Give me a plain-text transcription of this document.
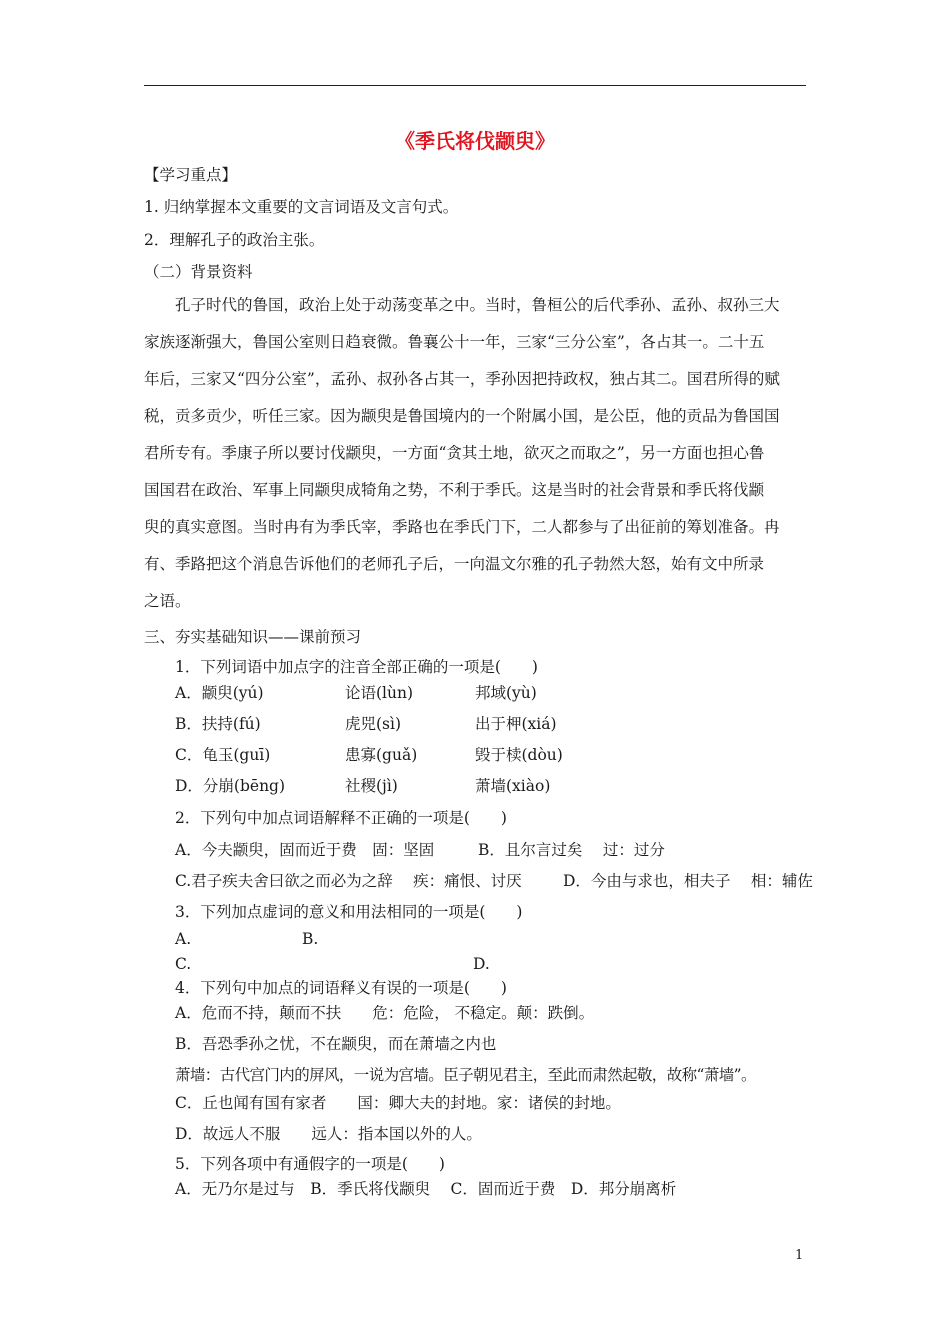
《季氏将伐颛臾》
【学习重点】
1. 归纳掌握本文重要的文言词语及文言句式。
2．理解孔子的政治主张。
（二）背景资料
孔子时代的鲁国，政治上处于动荡变革之中。当时，鲁桓公的后代季孙、孟孙、叔孙三大
家族逐渐强大，鲁国公室则日趋衰微。鲁襄公十一年，三家“三分公室”，各占其一。二十五
年后，三家又“四分公室”，孟孙、叔孙各占其一，季孙因把持政权，独占其二。国君所得的赋
税，贡多贡少，听任三家。因为颛臾是鲁国境内的一个附属小国，是公臣，他的贡品为鲁国国
君所专有。季康子所以要讨伐颛臾，一方面“贪其土地，欲灭之而取之”，另一方面也担心鲁
国国君在政治、军事上同颛臾成犄角之势，不利于季氏。这是当时的社会背景和季氏将伐颛
臾的真实意图。当时冉有为季氏宰，季路也在季氏门下，二人都参与了出征前的筹划准备。冉
有、季路把这个消息告诉他们的老师孔子后，一向温文尔雅的孔子勃然大怒，始有文中所录
之语。
三、夯实基础知识——课前预习
1．下列词语中加点字的注音全部正确的一项是(　　)
A．颛臾(yú)	论语(lùn)	邦域(yù)
B．扶持(fú)	虎兕(sì)	出于柙(xiá)
C．龟玉(guī)	患寡(guǎ)	毁于椟(dòu)
D．分崩(bēng)	社稷(jì)	萧墙(xiào)
2．下列句中加点词语解释不正确的一项是(　　)
A．今夫颛臾，固而近于费　固：坚固	B．且尔言过矣　 过：过分
C.君子疾夫舍曰欲之而必为之辞　 疾：痛恨、讨厌	D．今由与求也，相夫子　 相：辅佐
3．下列加点虚词的意义和用法相同的一项是(　　)
A.	B.
C.	D.
4．下列句中加点的词语释义有误的一项是(　　)
A．危而不持，颠而不扶　　危：危险， 不稳定。颠：跌倒。
B．吾恐季孙之忧，不在颛臾，而在萧墙之内也
萧墙：古代宫门内的屏风，一说为宫墙。臣子朝见君主，至此而肃然起敬，故称“萧墙”。
C．丘也闻有国有家者　　国：卿大夫的封地。家：诸侯的封地。
D．故远人不服　　远人：指本国以外的人。
5．下列各项中有通假字的一项是(　　)
A．无乃尔是过与　B．季氏将伐颛臾　 C．固而近于费　D．邦分崩离析
1
